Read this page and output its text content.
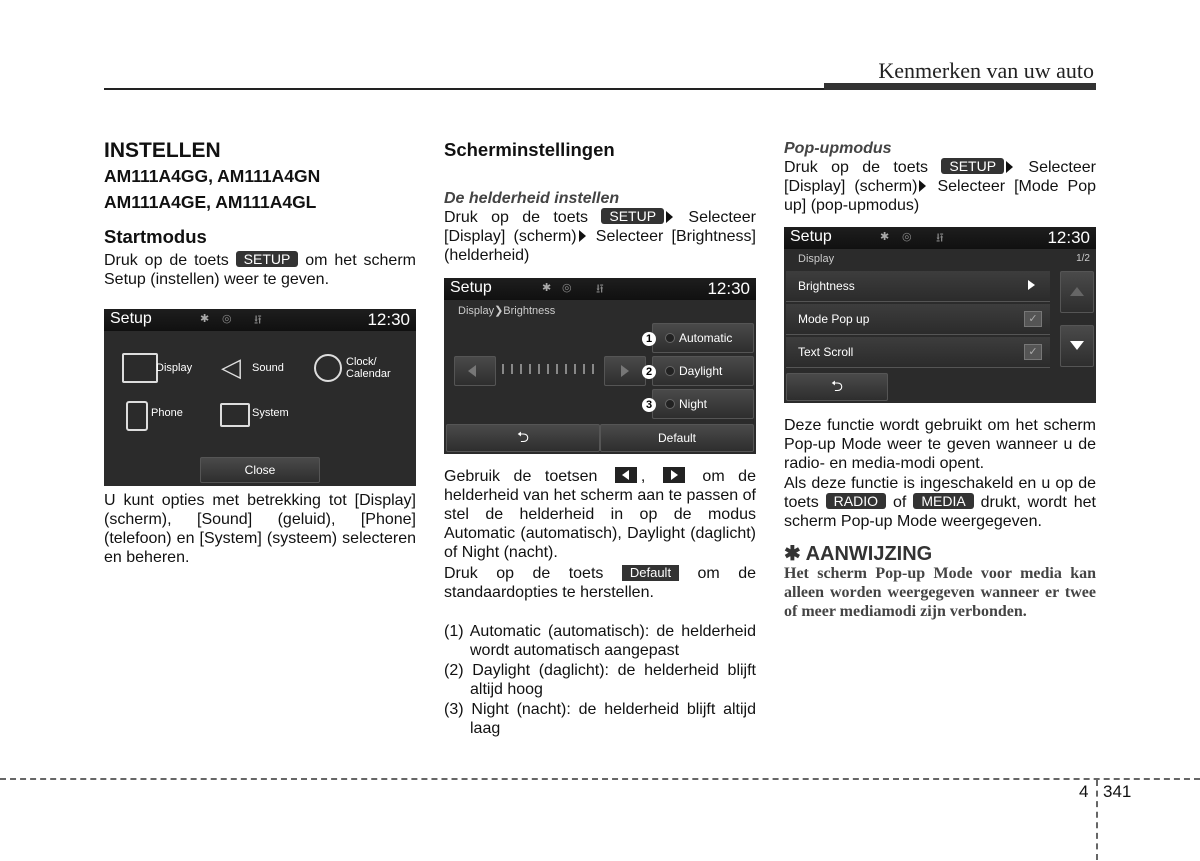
Kenmerken van uw auto
4 341
INSTELLEN
AM111A4GG, AM111A4GN
AM111A4GE, AM111A4GL
Startmodus
Druk op de toets SETUP om het scherm Setup (instellen) weer te geven.
Setup	✱ ◎ ⭿	12:30
Display ◁ Sound	Clock/
Calendar
Phone	System
Close
U kunt opties met betrekking tot [Display] (scherm), [Sound] (geluid), [Phone] (telefoon) en [System] (systeem) selecteren en beheren.
Scherminstellingen
De helderheid instellen
Druk op de toets SETUP Selecteer [Display] (scherm) Selecteer [Brightness] (helderheid)
Setup	✱ ◎ ⭿	12:30
Display❯Brightness
Automatic
Daylight
Night
1
2
3
⮌	Default
Gebruik de toetsen	,	om de helderheid van het scherm aan te passen of stel de helderheid in op de modus Automatic (automatisch), Daylight (daglicht) of Night (nacht).
Druk op de toets Default om de standaardopties te herstellen.
(1) Automatic (automatisch): de helderheid wordt automatisch aangepast
(2) Daylight (daglicht): de helderheid blijft altijd hoog
(3) Night (nacht): de helderheid blijft altijd laag
Pop-upmodus
Druk op de toets SETUP Selecteer [Display] (scherm) Selecteer [Mode Pop up] (pop-upmodus)
Setup	✱ ◎ ⭿	12:30
Display	1/2
Brightness
Mode Pop up	✓
Text Scroll	✓
⮌
Deze functie wordt gebruikt om het scherm Pop-up Mode weer te geven wanneer u de radio- en media-modi opent.
Als deze functie is ingeschakeld en u op de toets RADIO of MEDIA drukt, wordt het scherm Pop-up Mode weergegeven.
✱ AANWIJZING
Het scherm Pop-up Mode voor media kan alleen worden weergegeven wanneer er twee of meer mediamodi zijn verbonden.
